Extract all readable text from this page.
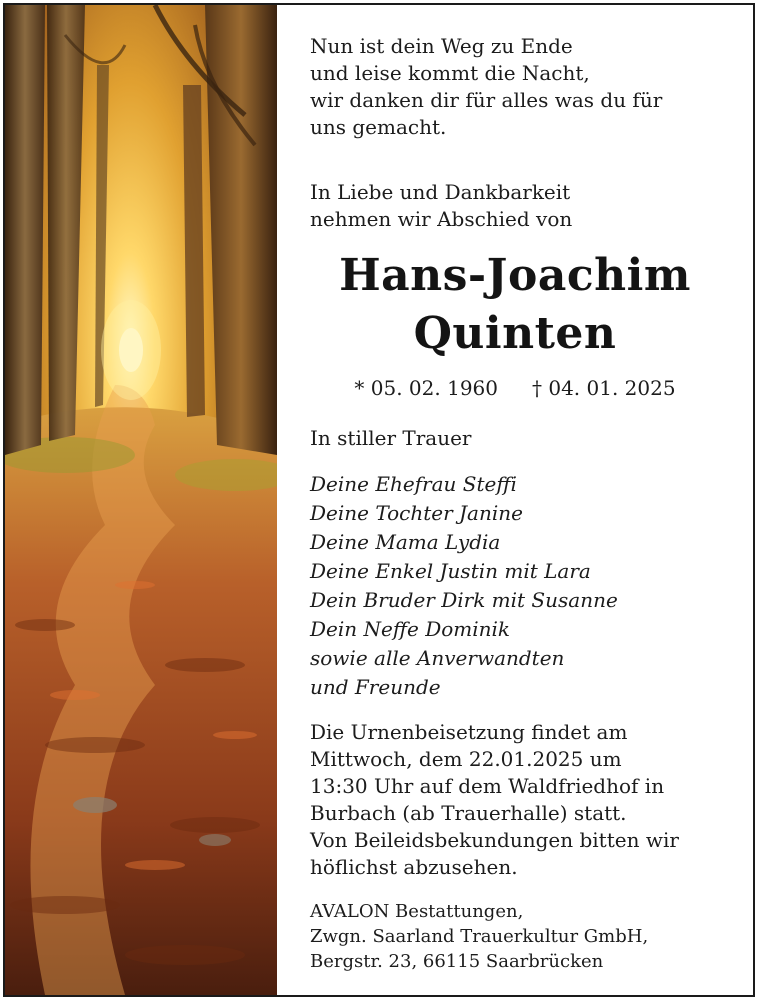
Nun ist dein Weg zu Ende
und leise kommt die Nacht,
wir danken dir für alles was du für
uns gemacht.
In Liebe und Dankbarkeit
nehmen wir Abschied von
Hans-Joachim
Quinten
* 05. 02. 1960 † 04. 01. 2025
In stiller Trauer
Deine Ehefrau Steffi
Deine Tochter Janine
Deine Mama Lydia
Deine Enkel Justin mit Lara
Dein Bruder Dirk mit Susanne
Dein Neffe Dominik
sowie alle Anverwandten
und Freunde
Die Urnenbeisetzung findet am
Mittwoch, dem 22.01.2025 um
13:30 Uhr auf dem Waldfriedhof in
Burbach (ab Trauerhalle) statt.
Von Beileidsbekundungen bitten wir
höflichst abzusehen.
AVALON Bestattungen,
Zwgn. Saarland Trauerkultur GmbH,
Bergstr. 23, 66115 Saarbrücken
